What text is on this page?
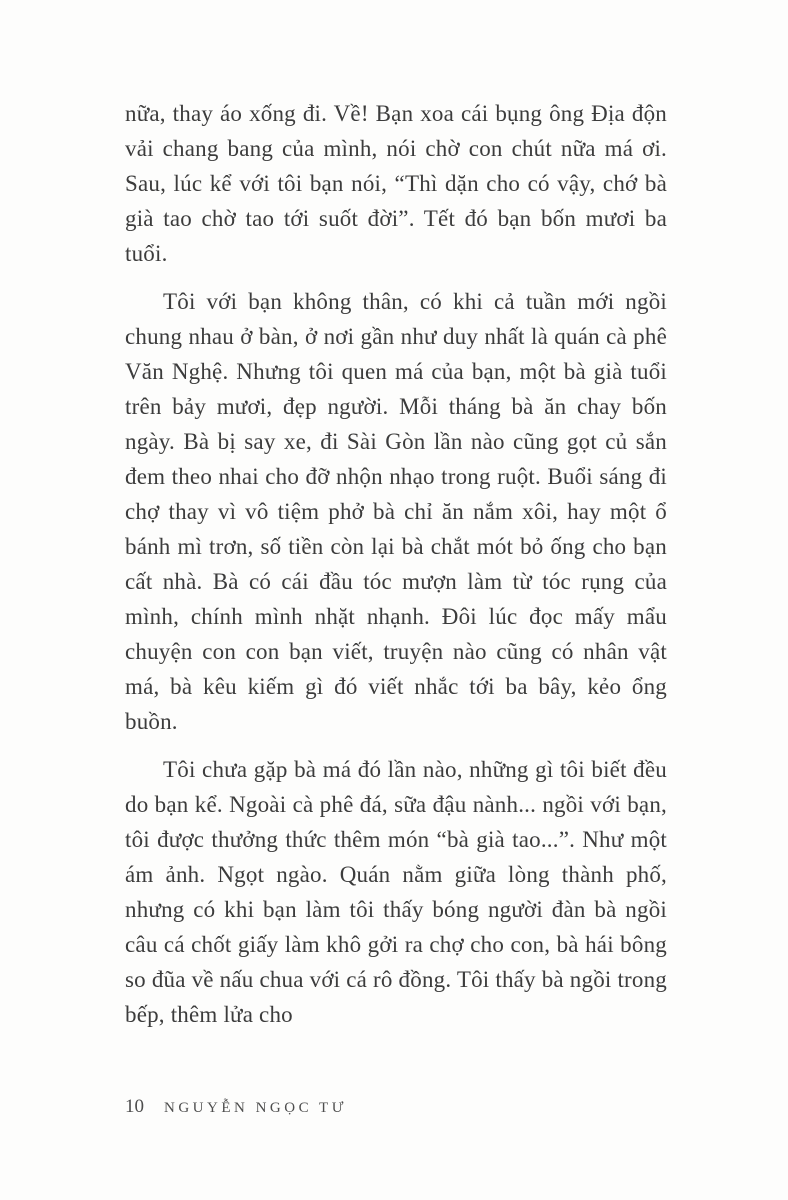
nữa, thay áo xống đi. Về! Bạn xoa cái bụng ông Địa độn vải chang bang của mình, nói chờ con chút nữa má ơi. Sau, lúc kể với tôi bạn nói, “Thì dặn cho có vậy, chớ bà già tao chờ tao tới suốt đời”. Tết đó bạn bốn mươi ba tuổi.

Tôi với bạn không thân, có khi cả tuần mới ngồi chung nhau ở bàn, ở nơi gần như duy nhất là quán cà phê Văn Nghệ. Nhưng tôi quen má của bạn, một bà già tuổi trên bảy mươi, đẹp người. Mỗi tháng bà ăn chay bốn ngày. Bà bị say xe, đi Sài Gòn lần nào cũng gọt củ sắn đem theo nhai cho đỡ nhộn nhạo trong ruột. Buổi sáng đi chợ thay vì vô tiệm phở bà chỉ ăn nắm xôi, hay một ổ bánh mì trơn, số tiền còn lại bà chắt mót bỏ ống cho bạn cất nhà. Bà có cái đầu tóc mượn làm từ tóc rụng của mình, chính mình nhặt nhạnh. Đôi lúc đọc mấy mẩu chuyện con con bạn viết, truyện nào cũng có nhân vật má, bà kêu kiếm gì đó viết nhắc tới ba bây, kẻo ổng buồn.

Tôi chưa gặp bà má đó lần nào, những gì tôi biết đều do bạn kể. Ngoài cà phê đá, sữa đậu nành... ngồi với bạn, tôi được thưởng thức thêm món “bà già tao...”. Như một ám ảnh. Ngọt ngào. Quán nằm giữa lòng thành phố, nhưng có khi bạn làm tôi thấy bóng người đàn bà ngồi câu cá chốt giấy làm khô gởi ra chợ cho con, bà hái bông so đũa về nấu chua với cá rô đồng. Tôi thấy bà ngồi trong bếp, thêm lửa cho

10 NGUYỄN NGỌC TƯ
